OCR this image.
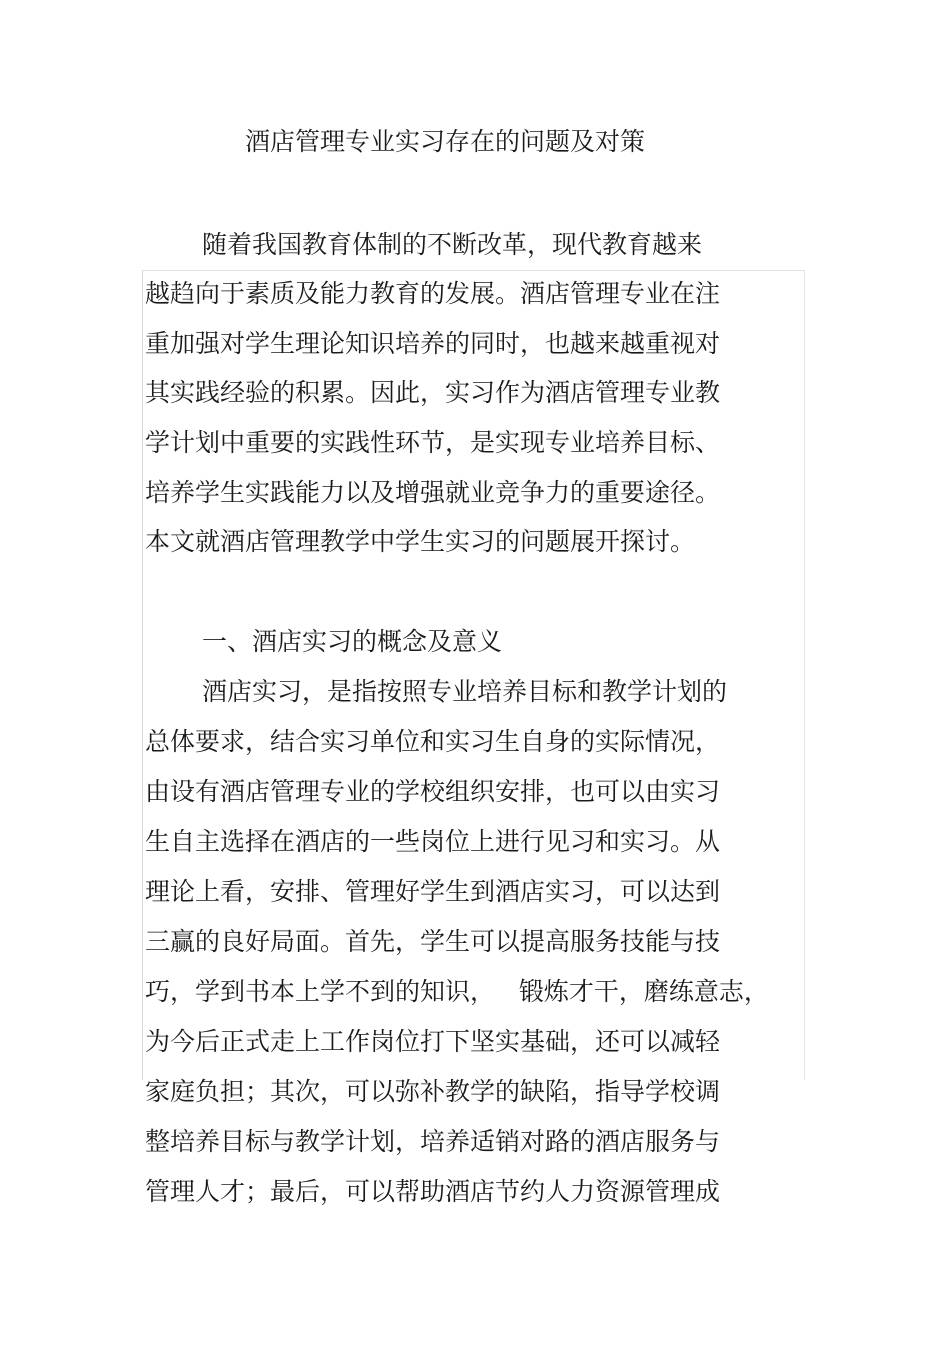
酒店管理专业实习存在的问题及对策
随着我国教育体制的不断改革，现代教育越来
越趋向于素质及能力教育的发展。酒店管理专业在注
重加强对学生理论知识培养的同时，也越来越重视对
其实践经验的积累。因此，实习作为酒店管理专业教
学计划中重要的实践性环节，是实现专业培养目标、
培养学生实践能力以及增强就业竞争力的重要途径。
本文就酒店管理教学中学生实习的问题展开探讨。
一、酒店实习的概念及意义
酒店实习，是指按照专业培养目标和教学计划的
总体要求，结合实习单位和实习生自身的实际情况，
由设有酒店管理专业的学校组织安排，也可以由实习
生自主选择在酒店的一些岗位上进行见习和实习。从
理论上看，安排、管理好学生到酒店实习，可以达到
三赢的良好局面。首先，学生可以提高服务技能与技
巧，学到书本上学不到的知识，   锻炼才干，磨练意志，
为今后正式走上工作岗位打下坚实基础，还可以减轻
家庭负担；其次，可以弥补教学的缺陷，指导学校调
整培养目标与教学计划，培养适销对路的酒店服务与
管理人才；最后，可以帮助酒店节约人力资源管理成
